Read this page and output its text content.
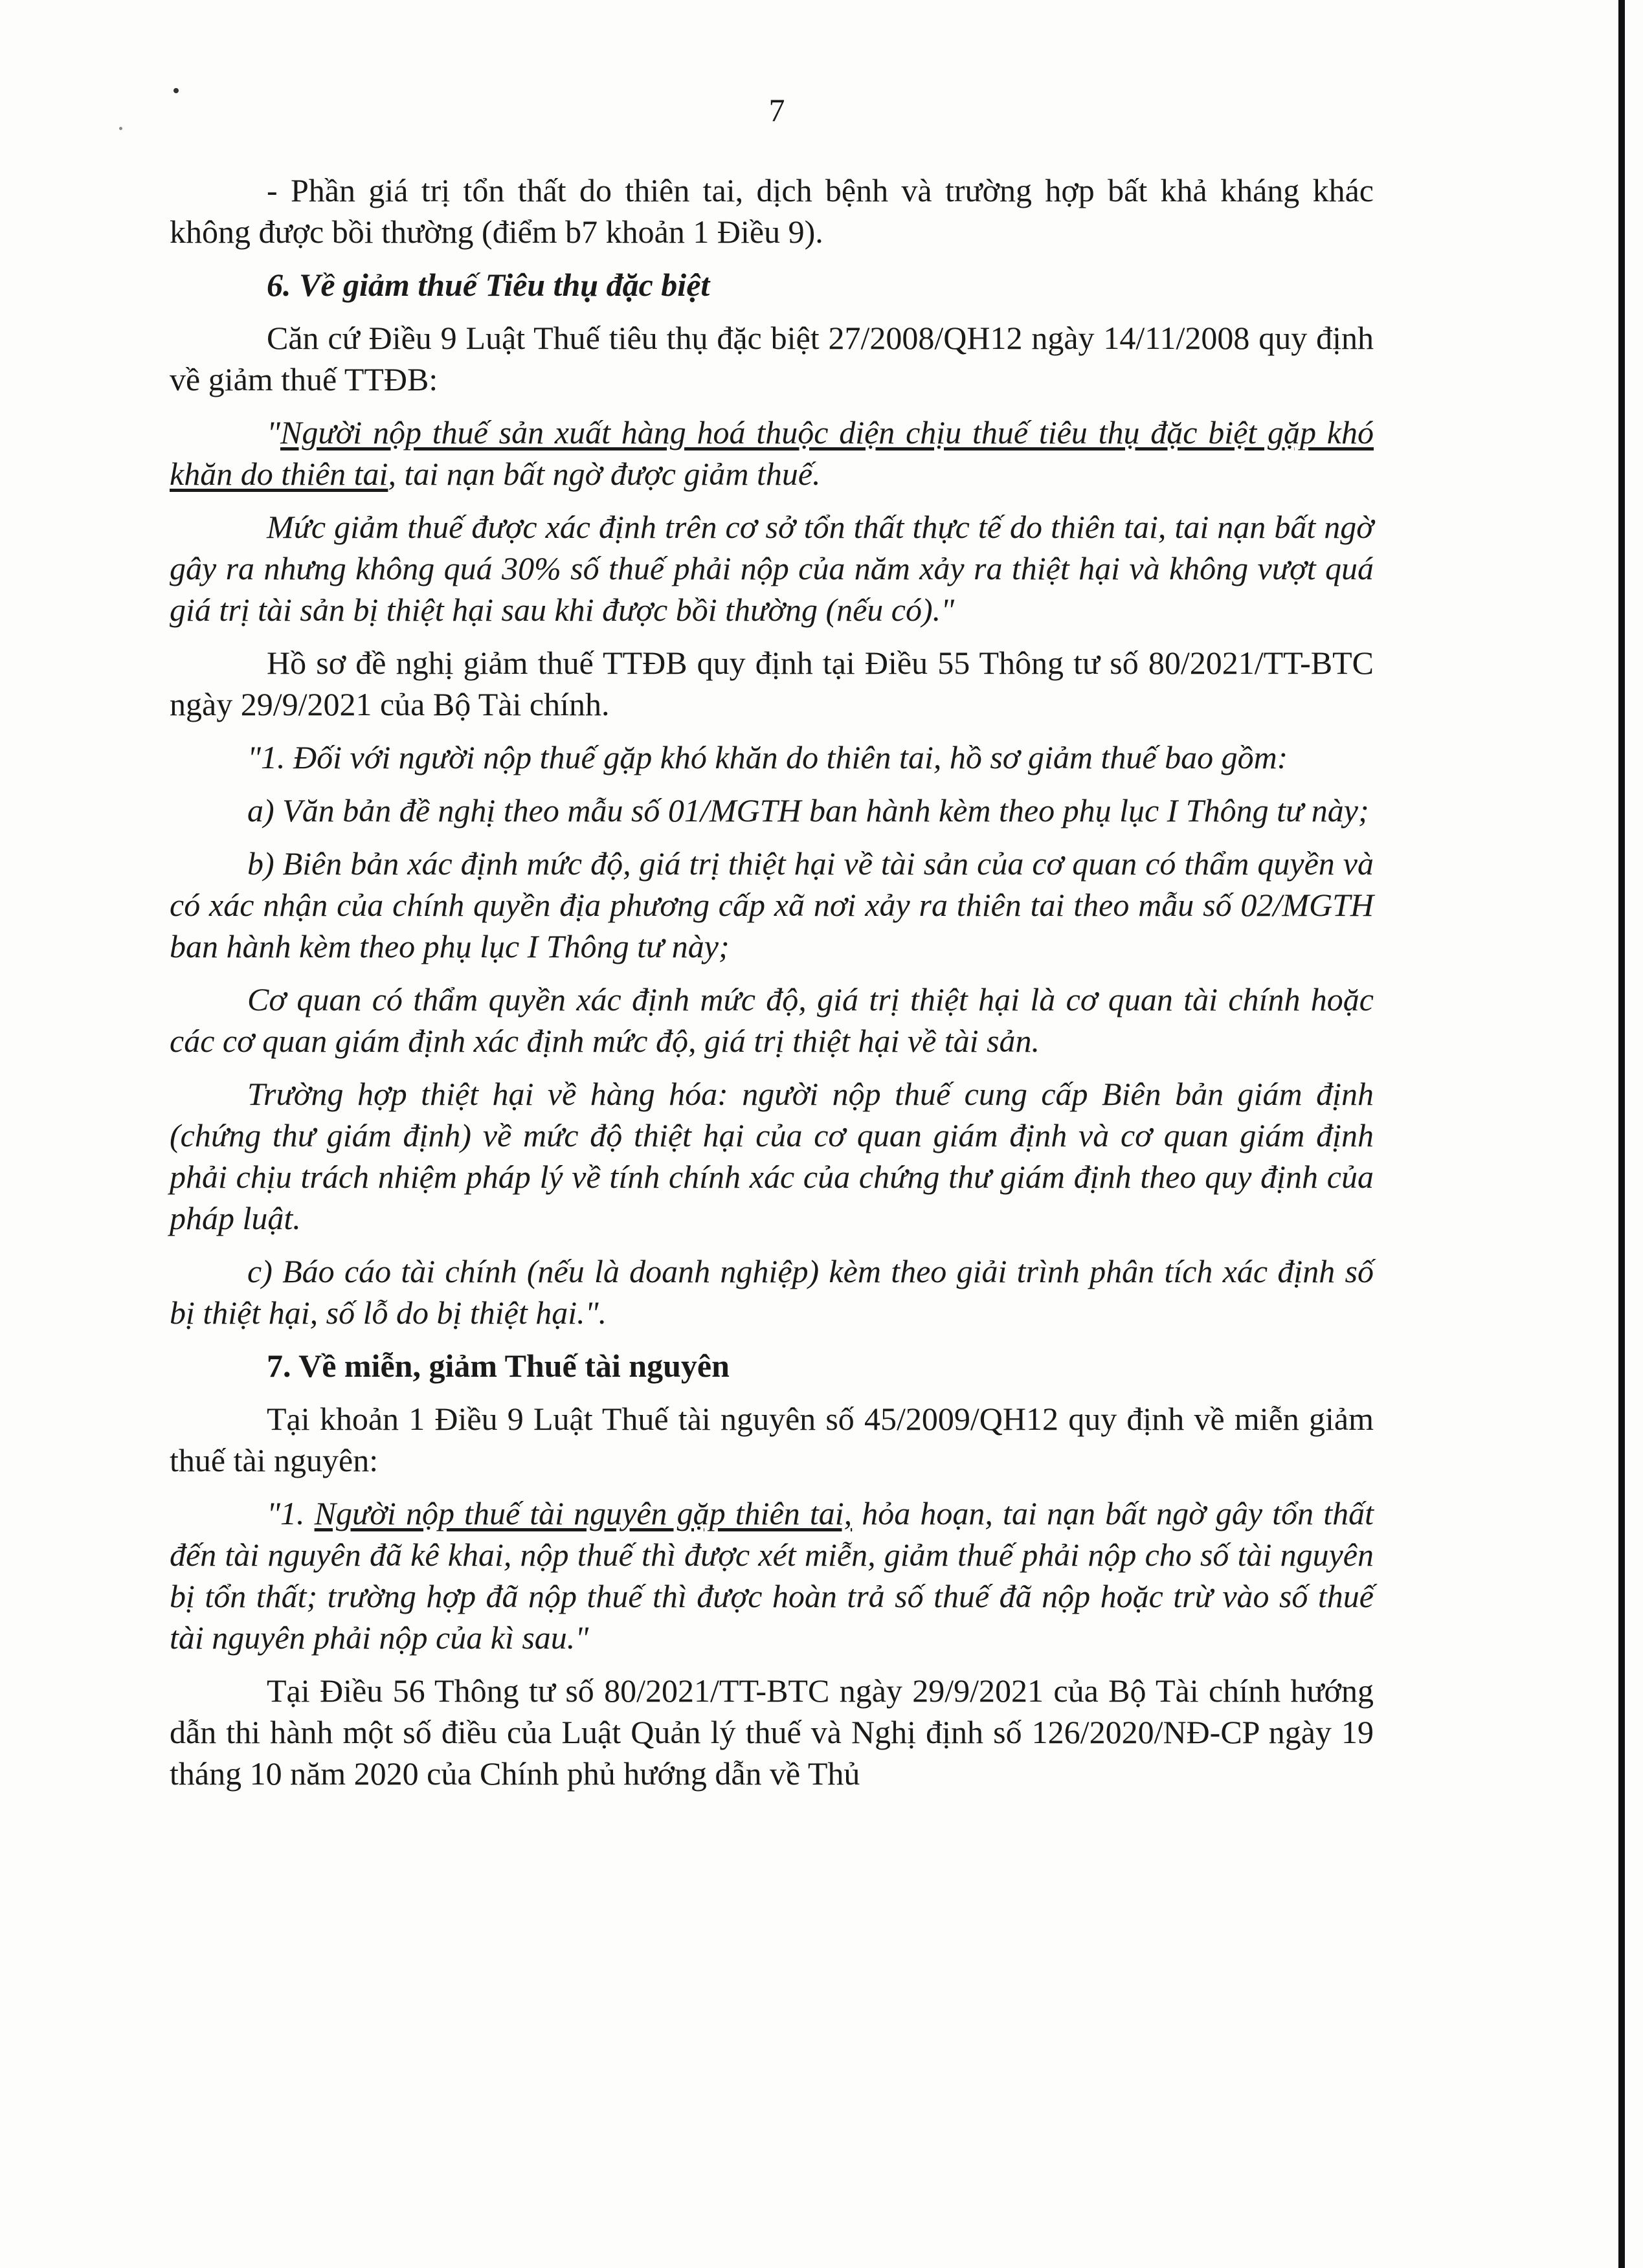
7

- Phần giá trị tổn thất do thiên tai, dịch bệnh và trường hợp bất khả kháng khác không được bồi thường (điểm b7 khoản 1 Điều 9).

6. Về giảm thuế Tiêu thụ đặc biệt

Căn cứ Điều 9 Luật Thuế tiêu thụ đặc biệt 27/2008/QH12 ngày 14/11/2008 quy định về giảm thuế TTĐB:

"Người nộp thuế sản xuất hàng hoá thuộc diện chịu thuế tiêu thụ đặc biệt gặp khó khăn do thiên tai, tai nạn bất ngờ được giảm thuế.

Mức giảm thuế được xác định trên cơ sở tổn thất thực tế do thiên tai, tai nạn bất ngờ gây ra nhưng không quá 30% số thuế phải nộp của năm xảy ra thiệt hại và không vượt quá giá trị tài sản bị thiệt hại sau khi được bồi thường (nếu có)."

Hồ sơ đề nghị giảm thuế TTĐB quy định tại Điều 55 Thông tư số 80/2021/TT-BTC ngày 29/9/2021 của Bộ Tài chính.

"1. Đối với người nộp thuế gặp khó khăn do thiên tai, hồ sơ giảm thuế bao gồm:

a) Văn bản đề nghị theo mẫu số 01/MGTH ban hành kèm theo phụ lục I Thông tư này;

b) Biên bản xác định mức độ, giá trị thiệt hại về tài sản của cơ quan có thẩm quyền và có xác nhận của chính quyền địa phương cấp xã nơi xảy ra thiên tai theo mẫu số 02/MGTH ban hành kèm theo phụ lục I Thông tư này;

Cơ quan có thẩm quyền xác định mức độ, giá trị thiệt hại là cơ quan tài chính hoặc các cơ quan giám định xác định mức độ, giá trị thiệt hại về tài sản.

Trường hợp thiệt hại về hàng hóa: người nộp thuế cung cấp Biên bản giám định (chứng thư giám định) về mức độ thiệt hại của cơ quan giám định và cơ quan giám định phải chịu trách nhiệm pháp lý về tính chính xác của chứng thư giám định theo quy định của pháp luật.

c) Báo cáo tài chính (nếu là doanh nghiệp) kèm theo giải trình phân tích xác định số bị thiệt hại, số lỗ do bị thiệt hại.".

7. Về miễn, giảm Thuế tài nguyên

Tại khoản 1 Điều 9 Luật Thuế tài nguyên số 45/2009/QH12 quy định về miễn giảm thuế tài nguyên:

"1. Người nộp thuế tài nguyên gặp thiên tai, hỏa hoạn, tai nạn bất ngờ gây tổn thất đến tài nguyên đã kê khai, nộp thuế thì được xét miễn, giảm thuế phải nộp cho số tài nguyên bị tổn thất; trường hợp đã nộp thuế thì được hoàn trả số thuế đã nộp hoặc trừ vào số thuế tài nguyên phải nộp của kì sau."

Tại Điều 56 Thông tư số 80/2021/TT-BTC ngày 29/9/2021 của Bộ Tài chính hướng dẫn thi hành một số điều của Luật Quản lý thuế và Nghị định số 126/2020/NĐ-CP ngày 19 tháng 10 năm 2020 của Chính phủ hướng dẫn về Thủ
